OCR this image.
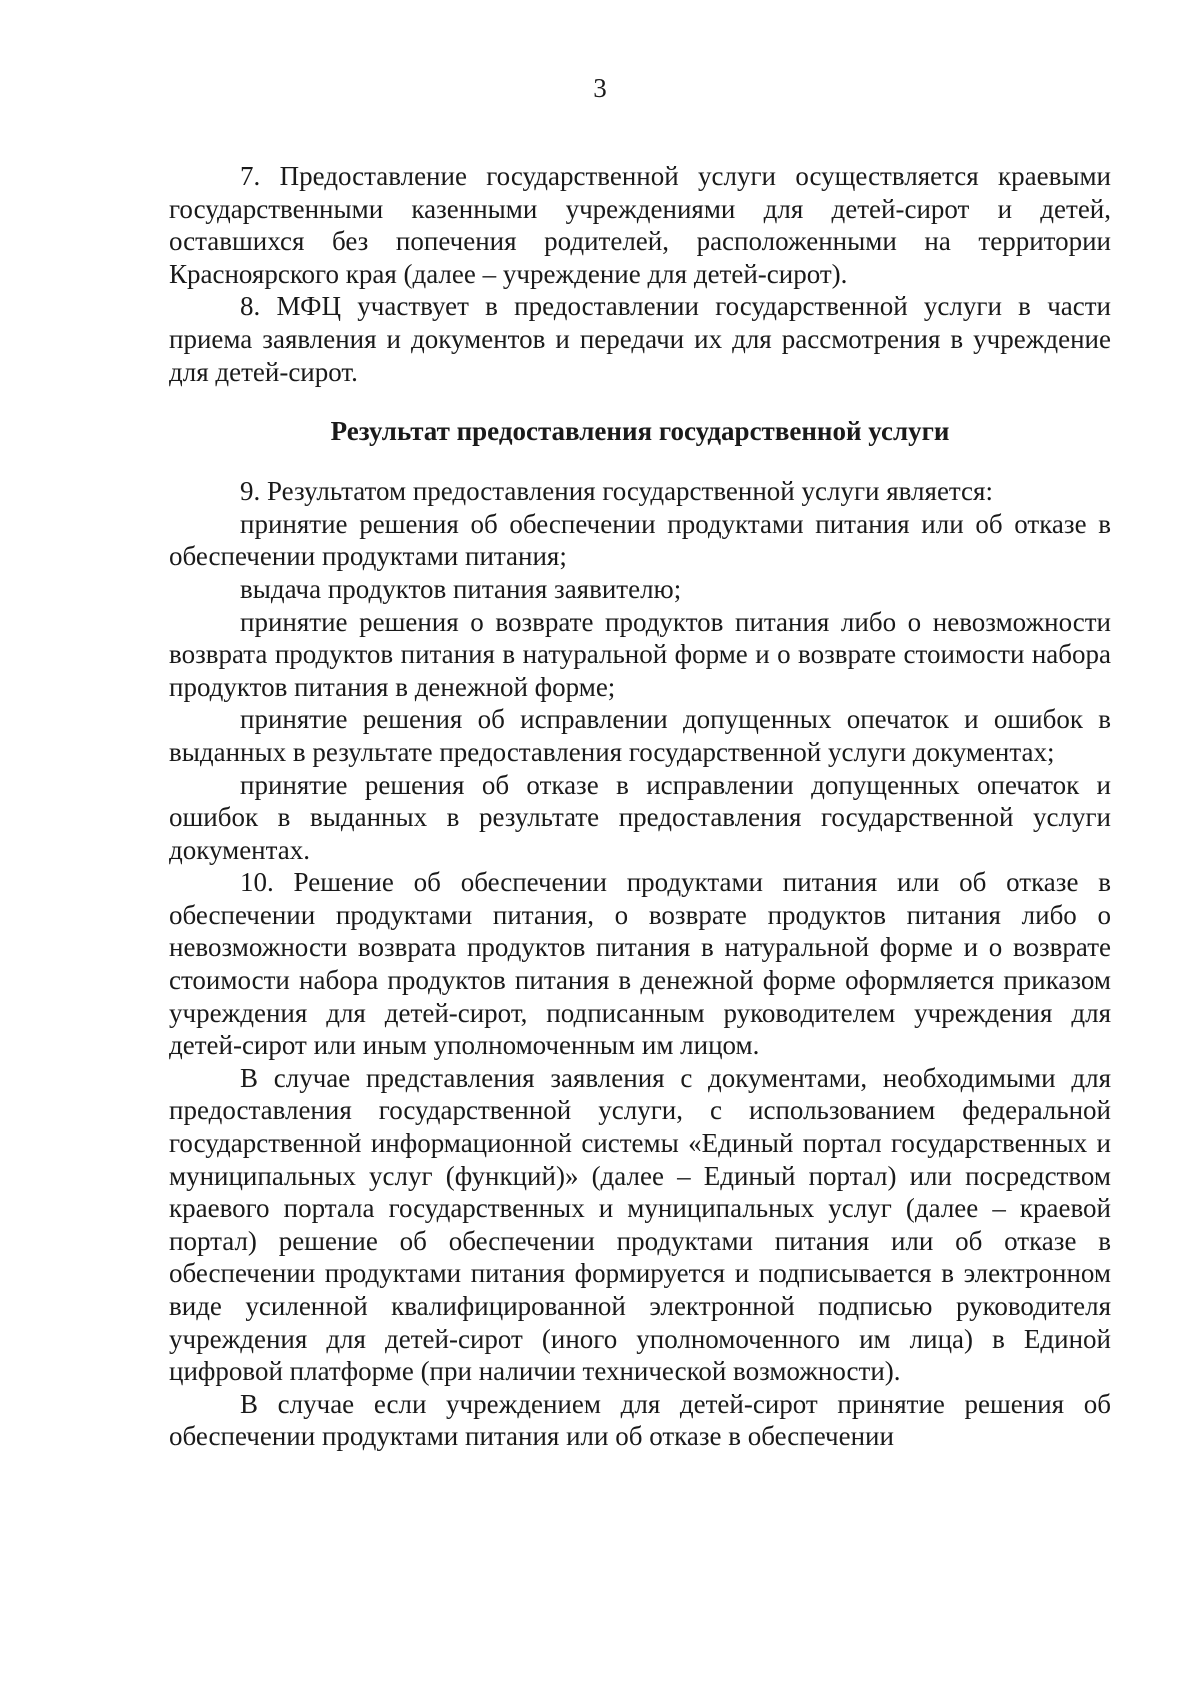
3

7. Предоставление государственной услуги осуществляется краевыми государственными казенными учреждениями для детей-сирот и детей, оставшихся без попечения родителей, расположенными на территории Красноярского края (далее – учреждение для детей-сирот).

8. МФЦ участвует в предоставлении государственной услуги в части приема заявления и документов и передачи их для рассмотрения в учреждение для детей-сирот.

Результат предоставления государственной услуги

9. Результатом предоставления государственной услуги является:

принятие решения об обеспечении продуктами питания или об отказе в обеспечении продуктами питания;

выдача продуктов питания заявителю;

принятие решения о возврате продуктов питания либо о невозможности возврата продуктов питания в натуральной форме и о возврате стоимости набора продуктов питания в денежной форме;

принятие решения об исправлении допущенных опечаток и ошибок в выданных в результате предоставления государственной услуги документах;

принятие решения об отказе в исправлении допущенных опечаток и ошибок в выданных в результате предоставления государственной услуги документах.

10. Решение об обеспечении продуктами питания или об отказе в обеспечении продуктами питания, о возврате продуктов питания либо о невозможности возврата продуктов питания в натуральной форме и о возврате стоимости набора продуктов питания в денежной форме оформляется приказом учреждения для детей-сирот, подписанным руководителем учреждения для детей-сирот или иным уполномоченным им лицом.

В случае представления заявления с документами, необходимыми для предоставления государственной услуги, с использованием федеральной государственной информационной системы «Единый портал государственных и муниципальных услуг (функций)» (далее – Единый портал) или посредством краевого портала государственных и муниципальных услуг (далее – краевой портал) решение об обеспечении продуктами питания или об отказе в обеспечении продуктами питания формируется и подписывается в электронном виде усиленной квалифицированной электронной подписью руководителя учреждения для детей-сирот (иного уполномоченного им лица) в Единой цифровой платформе (при наличии технической возможности).

В случае если учреждением для детей-сирот принятие решения об обеспечении продуктами питания или об отказе в обеспечении
